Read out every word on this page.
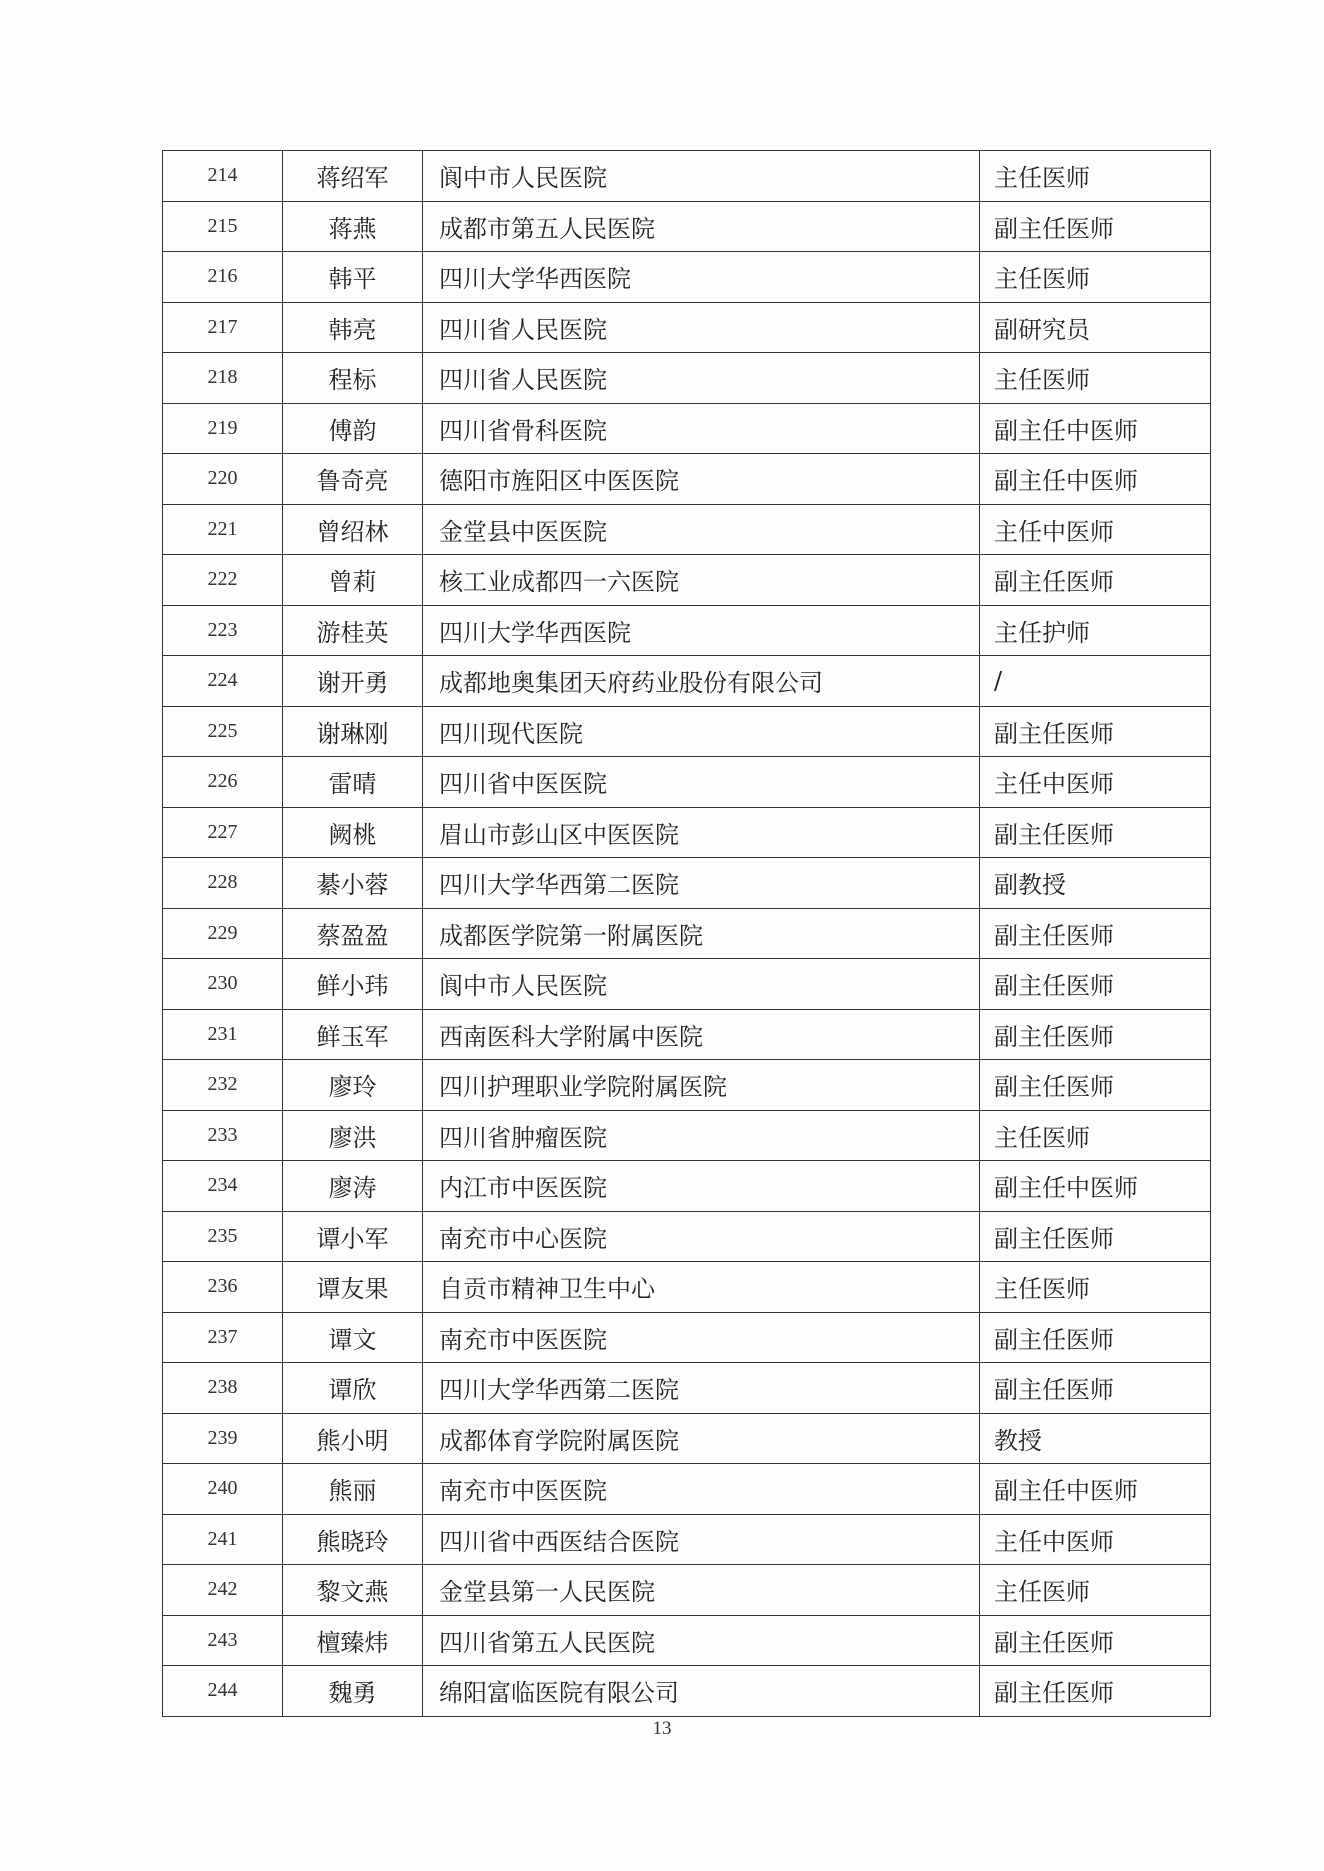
214	蒋绍军	阆中市人民医院	主任医师
215	蒋燕	成都市第五人民医院	副主任医师
216	韩平	四川大学华西医院	主任医师
217	韩亮	四川省人民医院	副研究员
218	程标	四川省人民医院	主任医师
219	傅韵	四川省骨科医院	副主任中医师
220	鲁奇亮	德阳市旌阳区中医医院	副主任中医师
221	曾绍林	金堂县中医医院	主任中医师
222	曾莉	核工业成都四一六医院	副主任医师
223	游桂英	四川大学华西医院	主任护师
224	谢开勇	成都地奥集团天府药业股份有限公司	/
225	谢琳刚	四川现代医院	副主任医师
226	雷晴	四川省中医医院	主任中医师
227	阙桃	眉山市彭山区中医医院	副主任医师
228	綦小蓉	四川大学华西第二医院	副教授
229	蔡盈盈	成都医学院第一附属医院	副主任医师
230	鲜小玮	阆中市人民医院	副主任医师
231	鲜玉军	西南医科大学附属中医院	副主任医师
232	廖玲	四川护理职业学院附属医院	副主任医师
233	廖洪	四川省肿瘤医院	主任医师
234	廖涛	内江市中医医院	副主任中医师
235	谭小军	南充市中心医院	副主任医师
236	谭友果	自贡市精神卫生中心	主任医师
237	谭文	南充市中医医院	副主任医师
238	谭欣	四川大学华西第二医院	副主任医师
239	熊小明	成都体育学院附属医院	教授
240	熊丽	南充市中医医院	副主任中医师
241	熊晓玲	四川省中西医结合医院	主任中医师
242	黎文燕	金堂县第一人民医院	主任医师
243	檀臻炜	四川省第五人民医院	副主任医师
244	魏勇	绵阳富临医院有限公司	副主任医师
13
